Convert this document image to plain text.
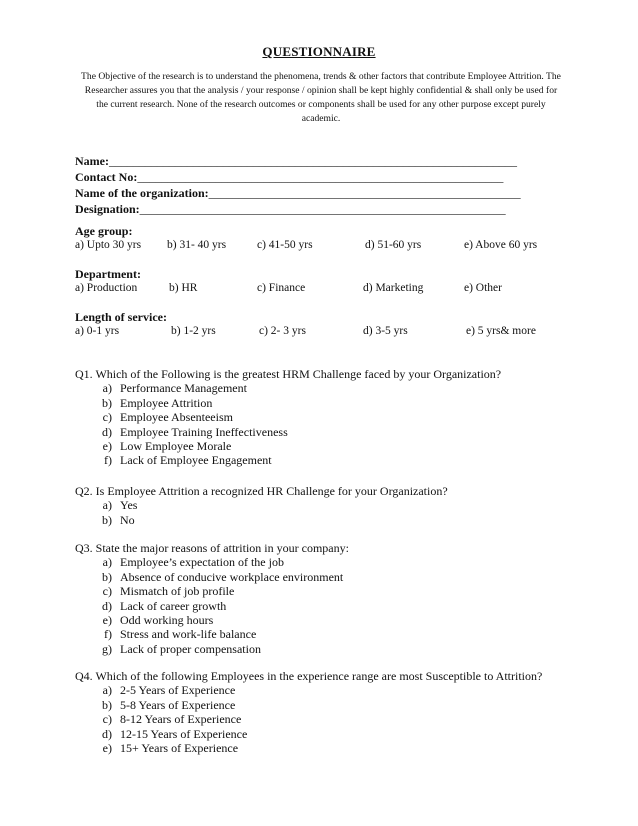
QUESTIONNAIRE
The Objective of the research is to understand the phenomena, trends & other factors that contribute Employee Attrition. The Researcher assures you that the analysis / your response / opinion shall be kept highly confidential & shall only be used for the current research. None of the research outcomes or components shall be used for any other purpose except purely academic.
Name: ____________________________________________________________________
Contact No: _____________________________________________________________
Name of the organization: ____________________________________________________
Designation: _____________________________________________________________
Age group:
a) Upto 30 yrs b) 31- 40 yrs	c) 41-50 yrs	d) 51-60 yrs	e) Above 60 yrs
Department:
a) Production	b) HR	c) Finance	d) Marketing	e) Other
Length of service:
a) 0-1 yrs	b) 1-2 yrs	c) 2- 3 yrs	d) 3-5 yrs	e) 5 yrs& more

Q1. Which of the Following is the greatest HRM Challenge faced by your Organization?

a) Performance Management
b) Employee Attrition
c) Employee Absenteeism
d) Employee Training Ineffectiveness
e) Low Employee Morale
f) Lack of Employee Engagement

Q2. Is Employee Attrition a recognized HR Challenge for your Organization?

a) Yes
b) No

Q3. State the major reasons of attrition in your company:

a) Employee’s expectation of the job
b) Absence of conducive workplace environment
c) Mismatch of job profile
d) Lack of career growth
e) Odd working hours
f) Stress and work-life balance
g) Lack of proper compensation

Q4. Which of the following Employees in the experience range are most Susceptible to Attrition?

a) 2-5 Years of Experience
b) 5-8 Years of Experience
c) 8-12 Years of Experience
d) 12-15 Years of Experience
e) 15+ Years of Experience
